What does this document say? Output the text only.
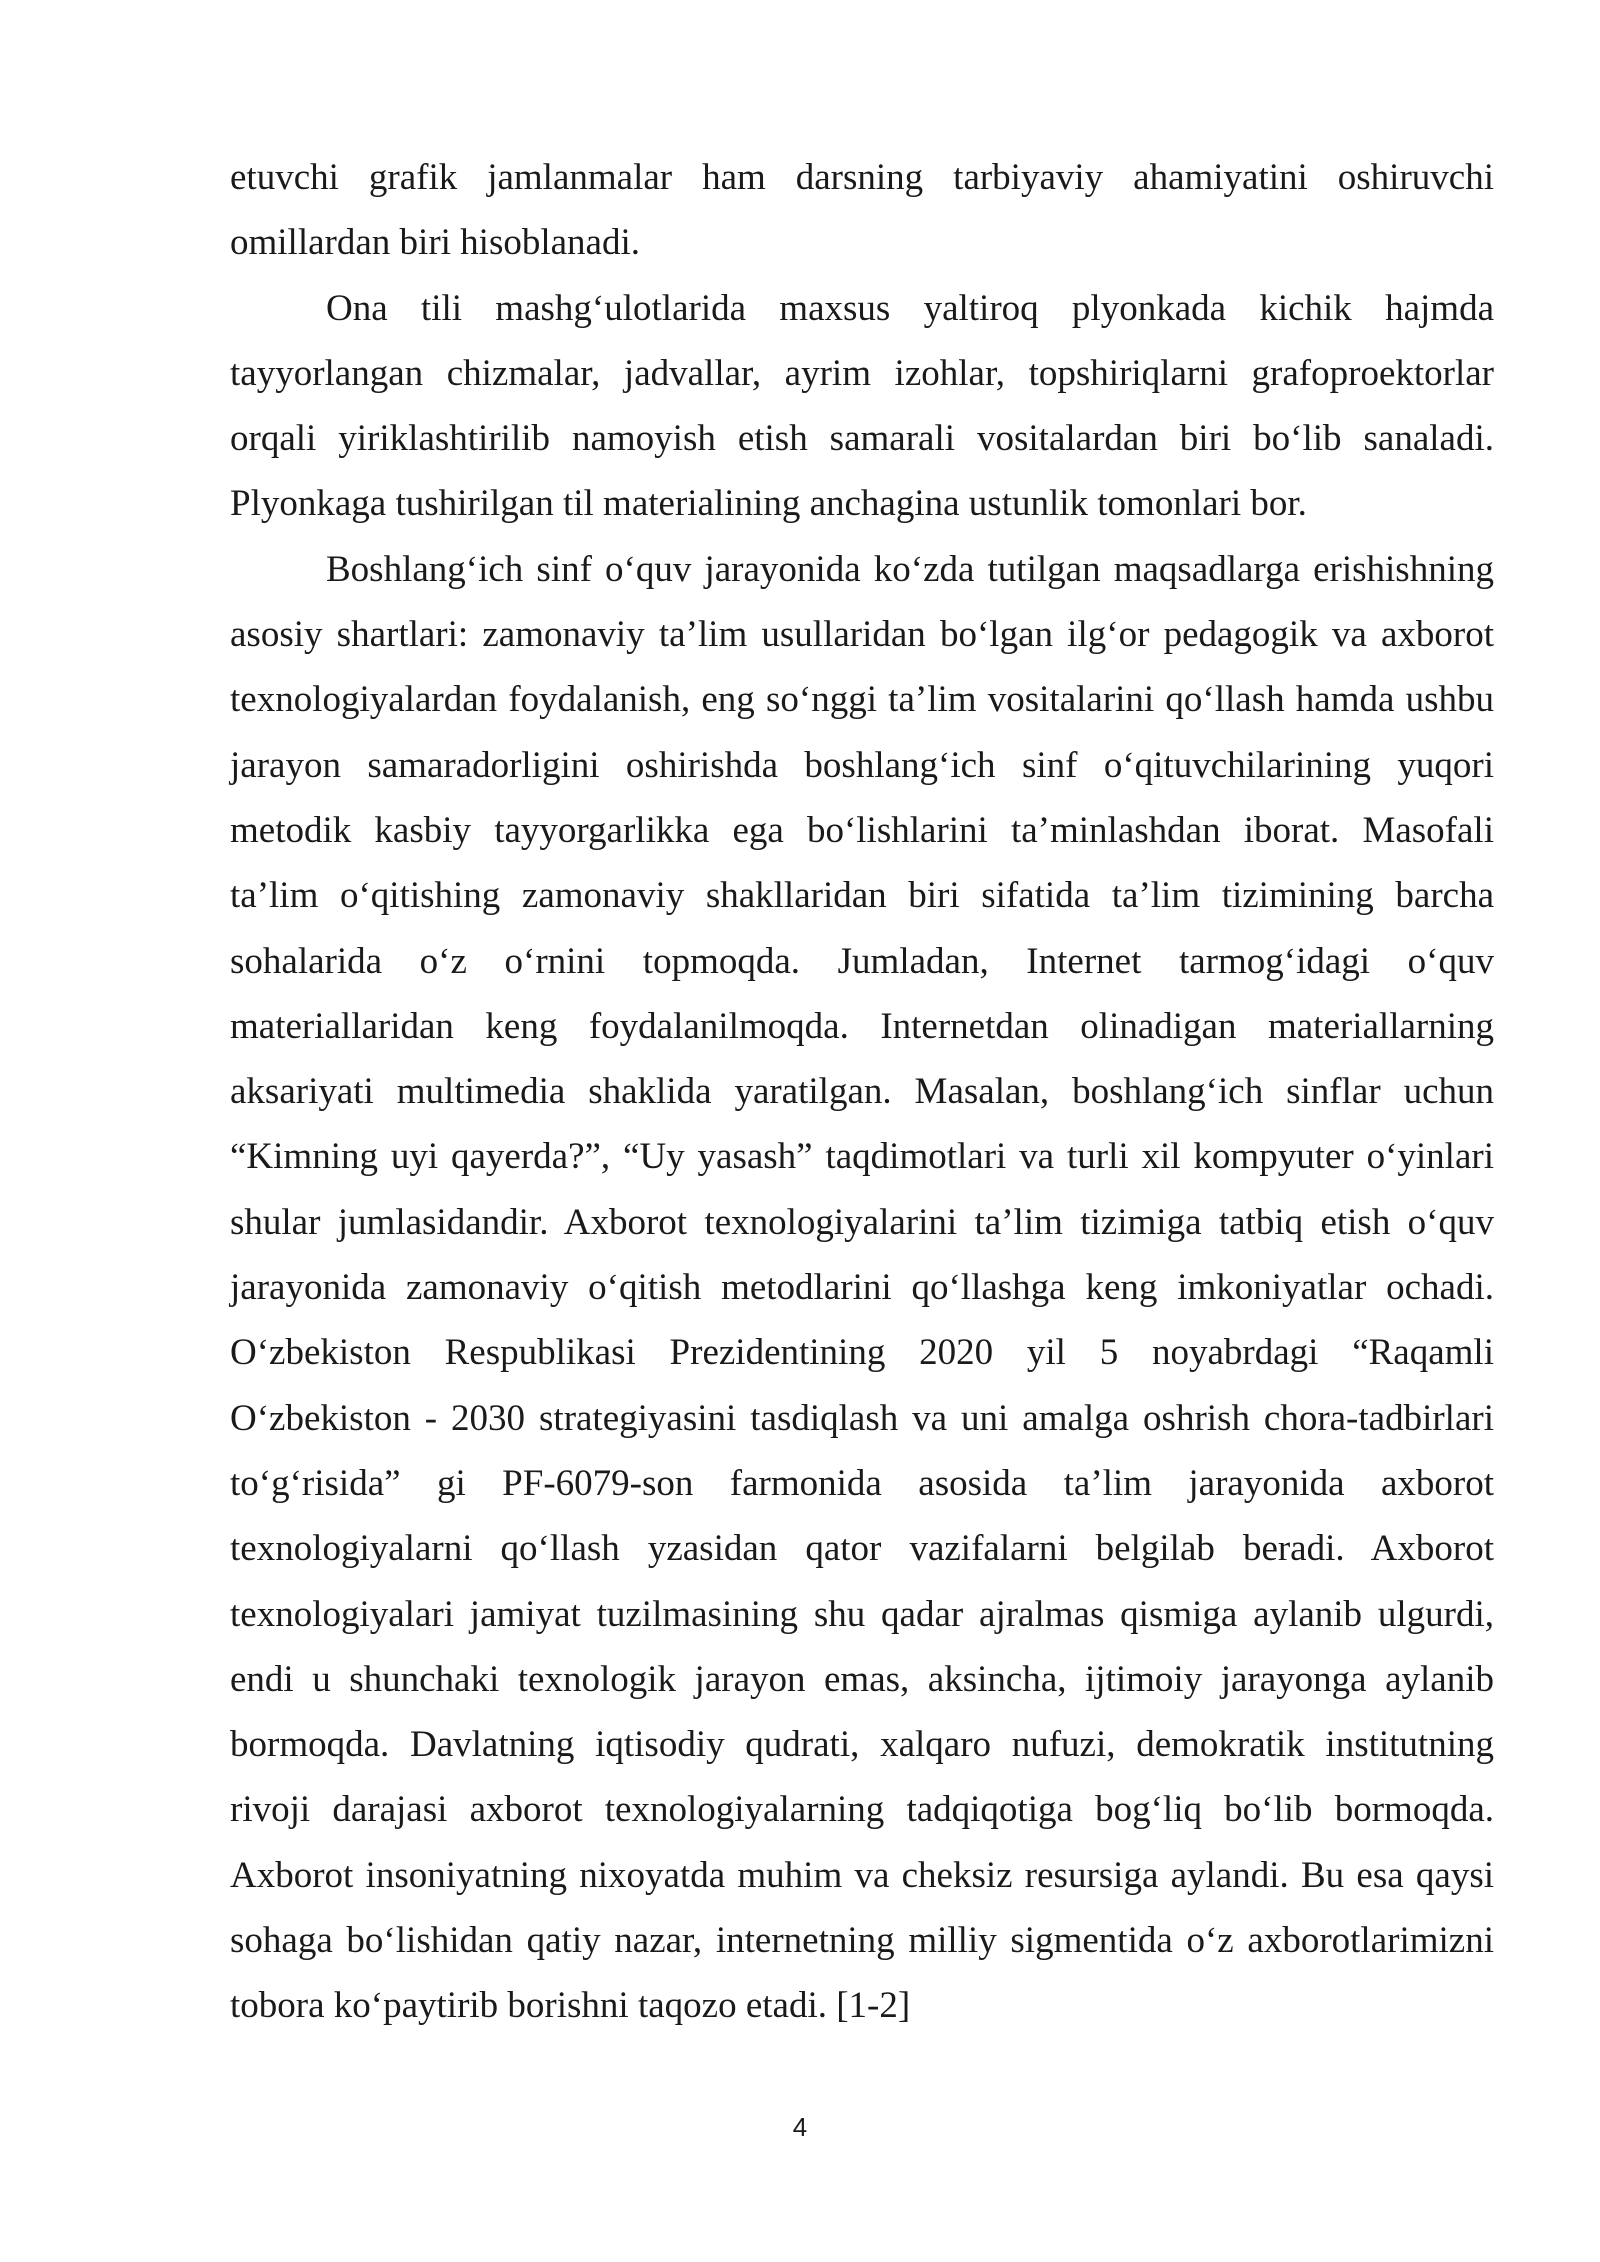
etuvchi grafik jamlanmalar ham darsning tarbiyaviy ahamiyatini oshiruvchi omillardan biri hisoblanadi.

Ona tili mashg‘ulotlarida maxsus yaltiroq plyonkada kichik hajmda tayyorlangan chizmalar, jadvallar, ayrim izohlar, topshiriqlarni grafoproektorlar orqali yiriklashtirilib namoyish etish samarali vositalardan biri bo‘lib sanaladi. Plyonkaga tushirilgan til materialining anchagina ustunlik tomonlari bor.

Boshlang‘ich sinf o‘quv jarayonida ko‘zda tutilgan maqsadlarga erishishning asosiy shartlari: zamonaviy ta’lim usullaridan bo‘lgan ilg‘or pedagogik va axborot texnologiyalardan foydalanish, eng so‘nggi ta’lim vositalarini qo‘llash hamda ushbu jarayon samaradorligini oshirishda boshlang‘ich sinf o‘qituvchilarining yuqori metodik kasbiy tayyorgarlikka ega bo‘lishlarini ta’minlashdan iborat. Masofali ta’lim o‘qitishing zamonaviy shakllaridan biri sifatida ta’lim tizimining barcha sohalarida o‘z o‘rnini topmoqda. Jumladan, Internet tarmog‘idagi o‘quv materiallaridan keng foydalanilmoqda. Internetdan olinadigan materiallarning aksariyati multimedia shaklida yaratilgan. Masalan, boshlang‘ich sinflar uchun “Kimning uyi qayerda?”, “Uy yasash” taqdimotlari va turli xil kompyuter o‘yinlari shular jumlasidandir. Axborot texnologiyalarini ta’lim tizimiga tatbiq etish o‘quv jarayonida zamonaviy o‘qitish metodlarini qo‘llashga keng imkoniyatlar ochadi. O‘zbekiston Respublikasi Prezidentining 2020 yil 5 noyabrdagi “Raqamli O‘zbekiston - 2030 strategiyasini tasdiqlash va uni amalga oshrish chora-tadbirlari to‘g‘risida” gi PF-6079-son farmonida asosida ta’lim jarayonida axborot texnologiyalarni qo‘llash yzasidan qator vazifalarni belgilab beradi. Axborot texnologiyalari jamiyat tuzilmasining shu qadar ajralmas qismiga aylanib ulgurdi, endi u shunchaki texnologik jarayon emas, aksincha, ijtimoiy jarayonga aylanib bormoqda. Davlatning iqtisodiy qudrati, xalqaro nufuzi, demokratik institutning rivoji darajasi axborot texnologiyalarning tadqiqotiga bog‘liq bo‘lib bormoqda. Axborot insoniyatning nixoyatda muhim va cheksiz resursiga aylandi. Bu esa qaysi sohaga bo‘lishidan qatiy nazar, internetning milliy sigmentida o‘z axborotlarimizni tobora ko‘paytirib borishni taqozo etadi. [1-2]

4
